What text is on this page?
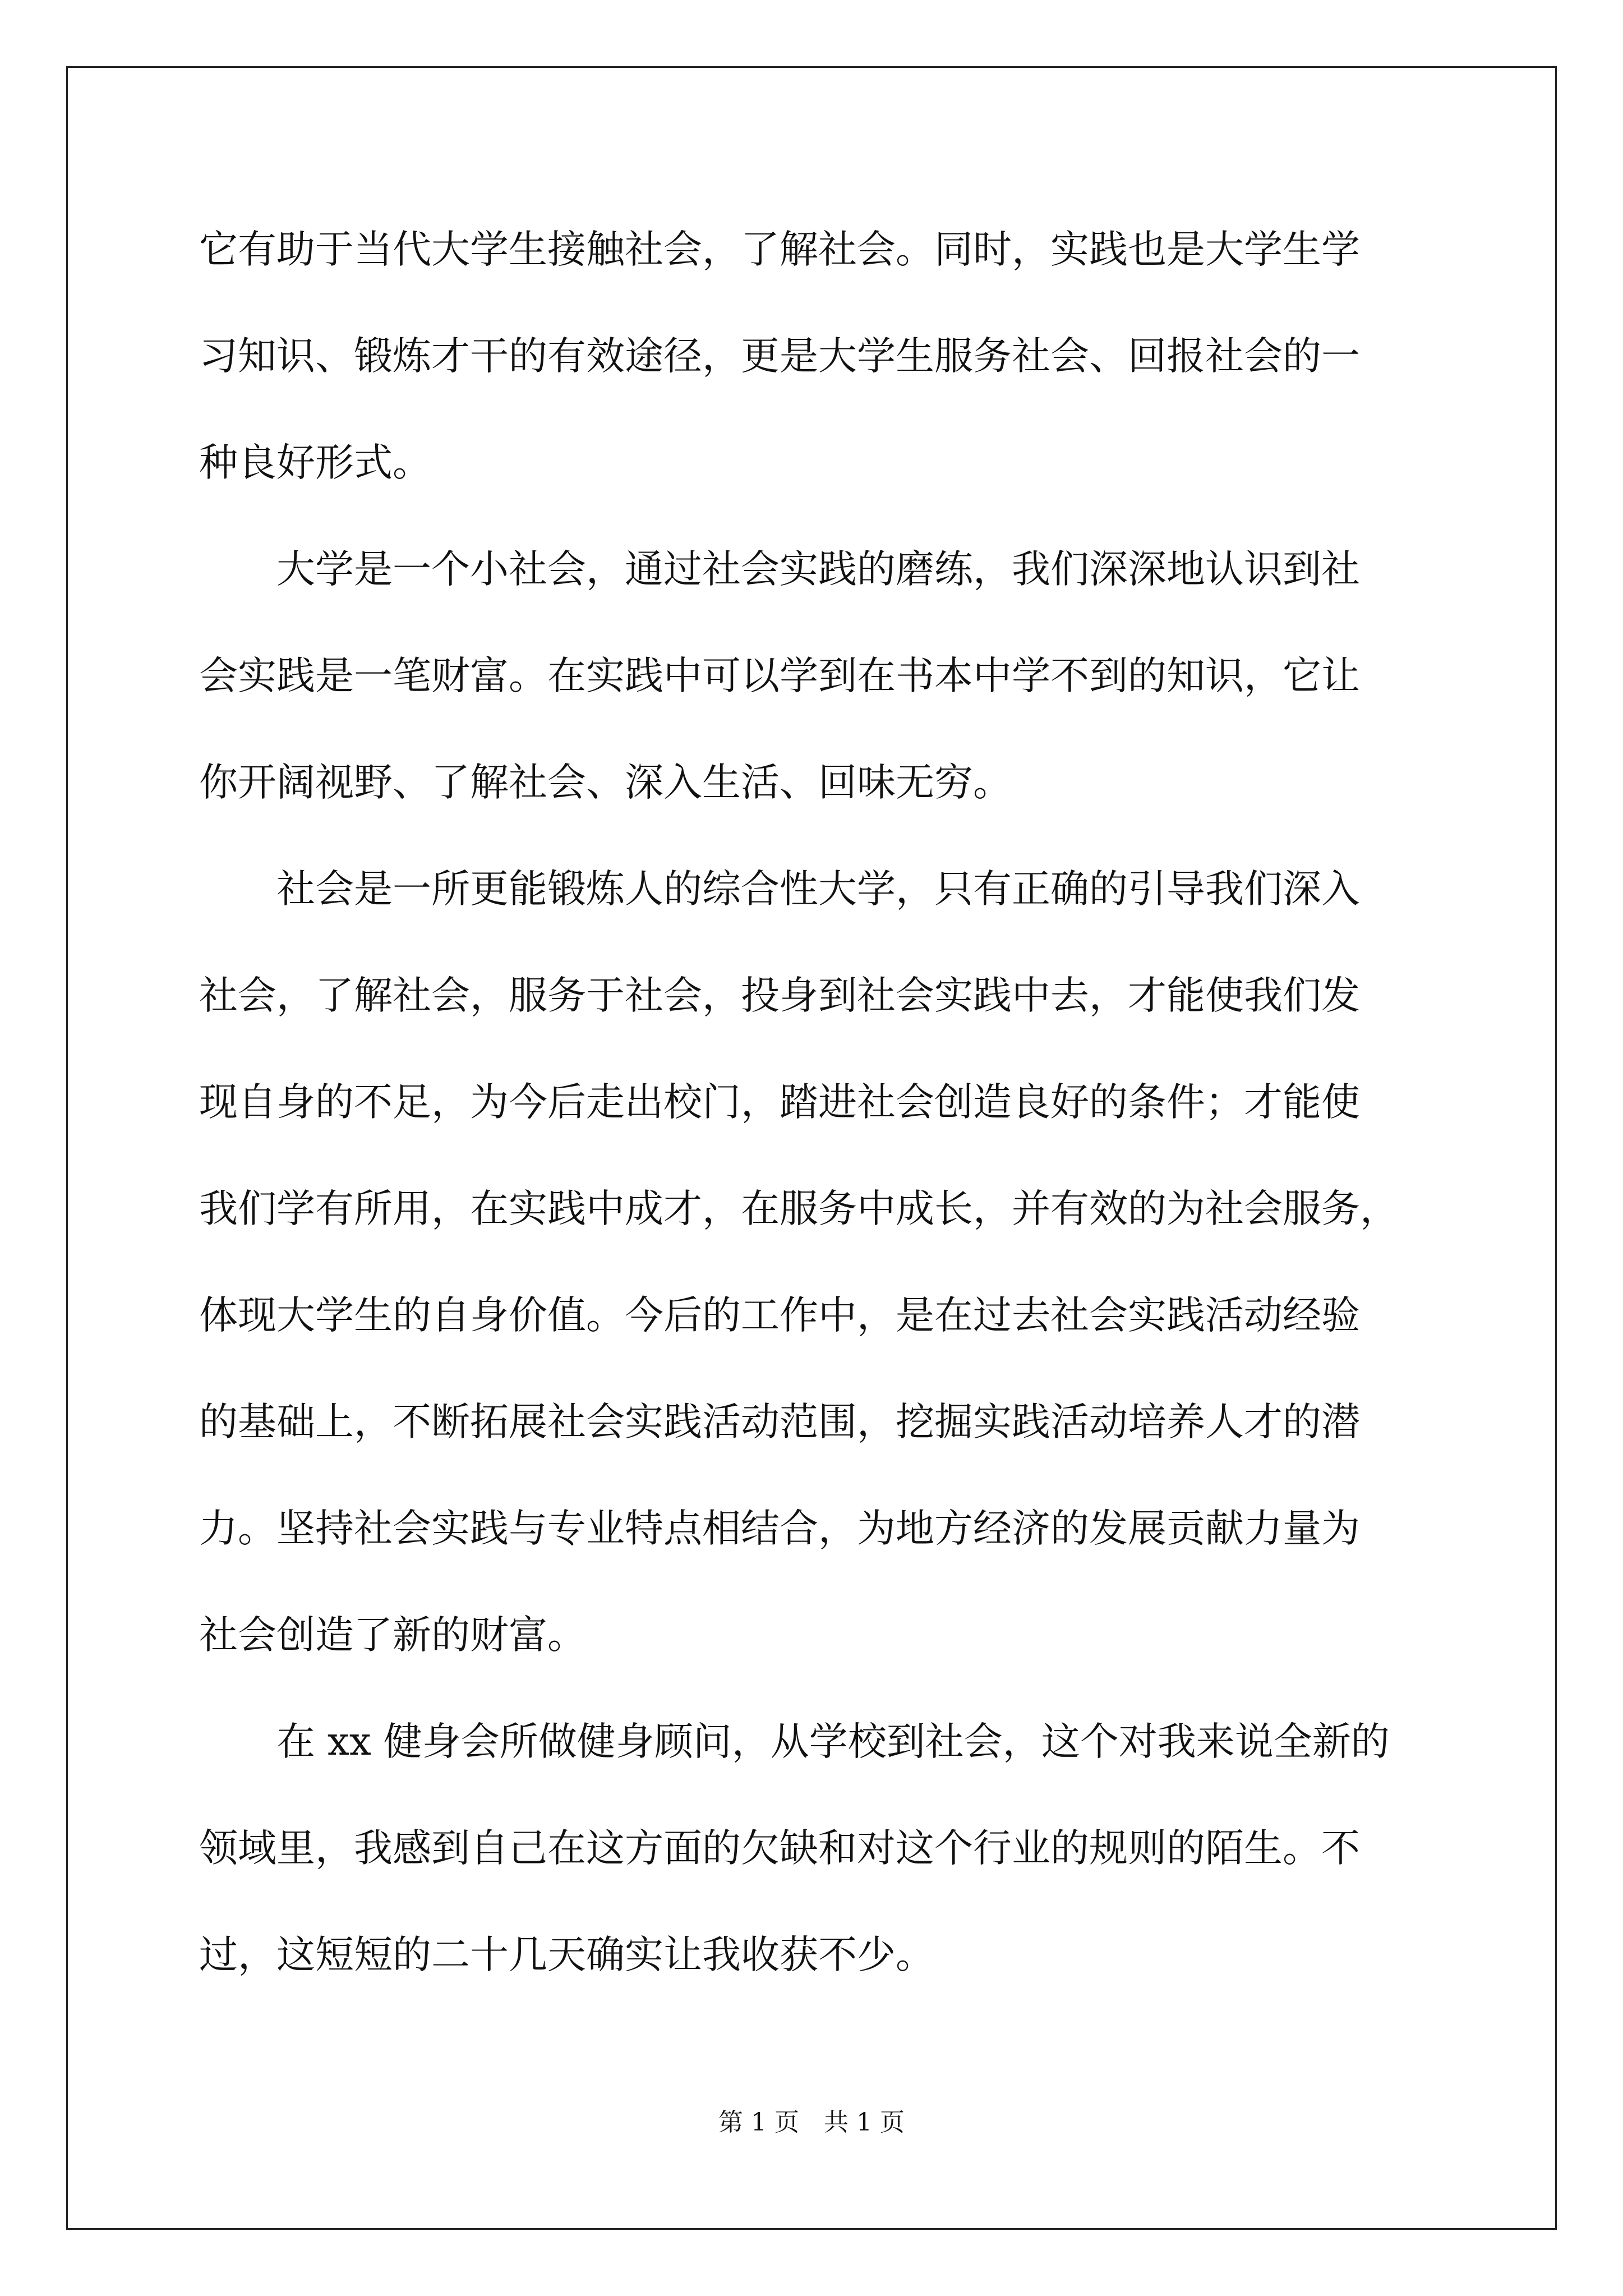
它有助于当代大学生接触社会，了解社会。同时，实践也是大学生学
习知识、锻炼才干的有效途径，更是大学生服务社会、回报社会的一
种良好形式。
大学是一个小社会，通过社会实践的磨练，我们深深地认识到社
会实践是一笔财富。在实践中可以学到在书本中学不到的知识，它让
你开阔视野、了解社会、深入生活、回味无穷。
社会是一所更能锻炼人的综合性大学，只有正确的引导我们深入
社会，了解社会，服务于社会，投身到社会实践中去，才能使我们发
现自身的不足，为今后走出校门，踏进社会创造良好的条件；才能使
我们学有所用，在实践中成才，在服务中成长，并有效的为社会服务，
体现大学生的自身价值。今后的工作中，是在过去社会实践活动经验
的基础上，不断拓展社会实践活动范围，挖掘实践活动培养人才的潜
力。坚持社会实践与专业特点相结合，为地方经济的发展贡献力量为
社会创造了新的财富。
在 xx 健身会所做健身顾问，从学校到社会，这个对我来说全新的
领域里，我感到自己在这方面的欠缺和对这个行业的规则的陌生。不
过，这短短的二十几天确实让我收获不少。
第 1 页　共 1 页
